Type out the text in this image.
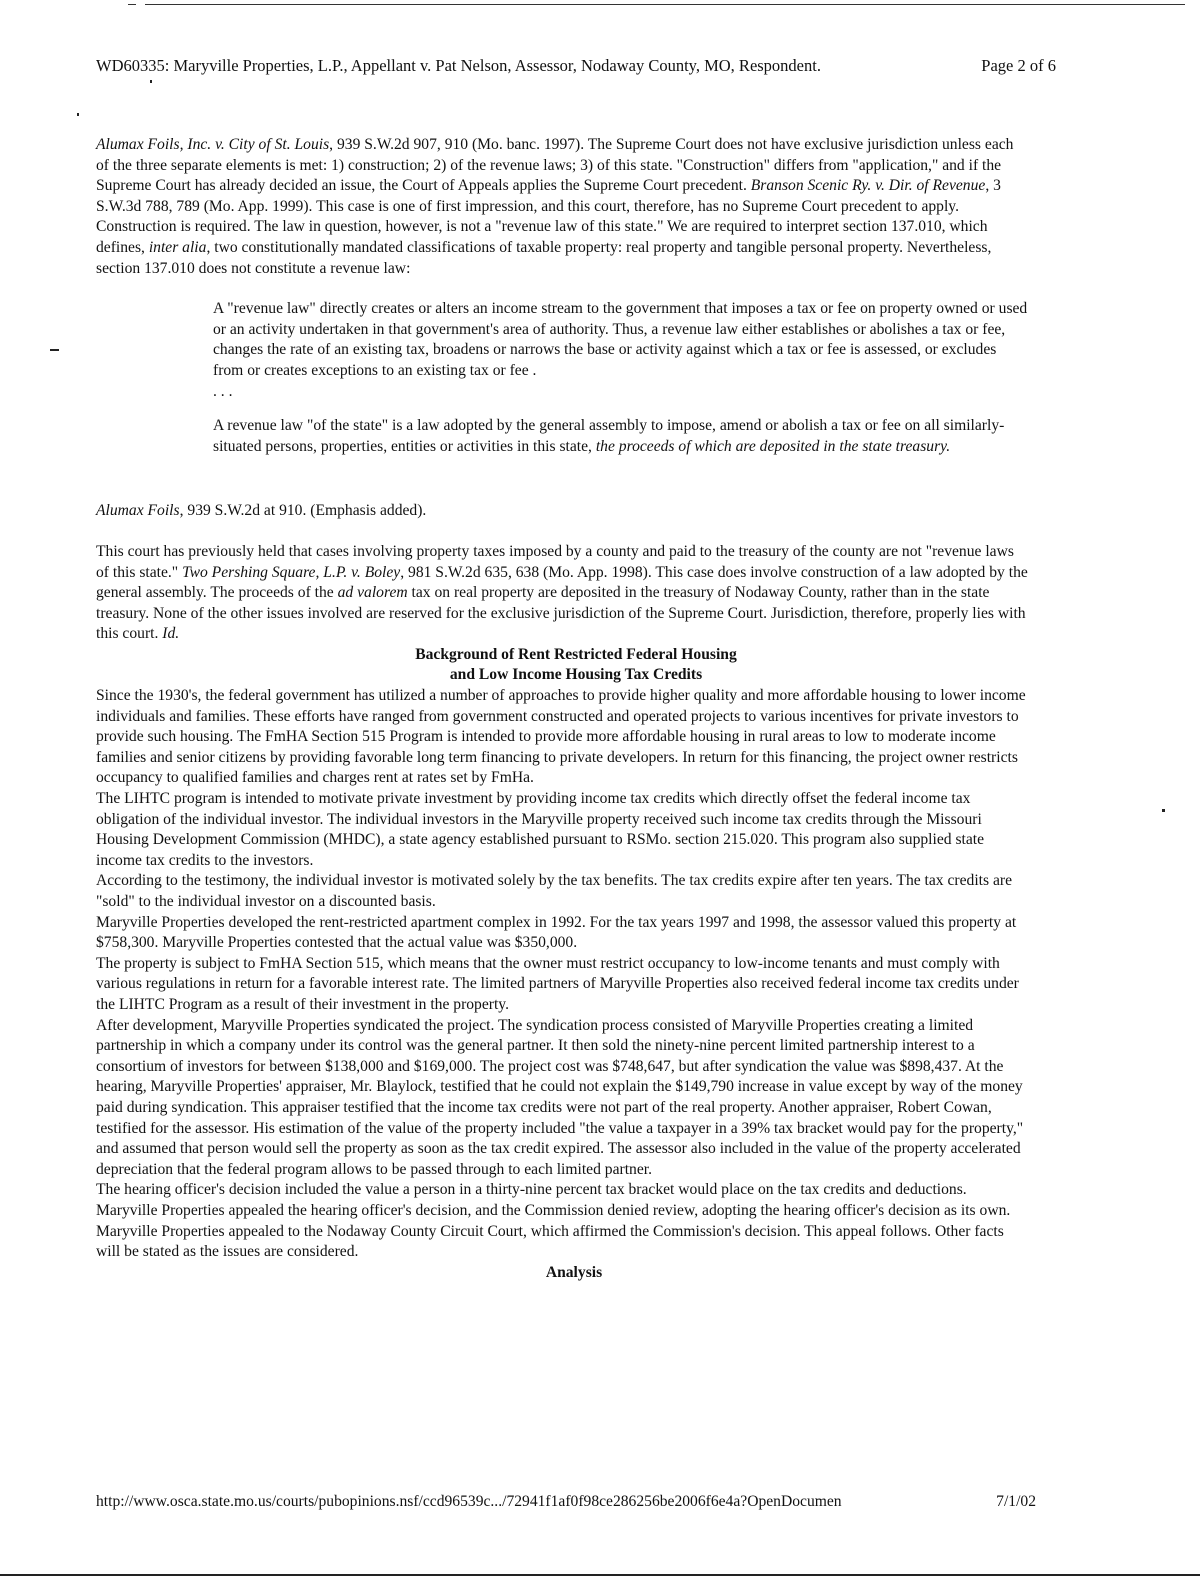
WD60335: Maryville Properties, L.P., Appellant v. Pat Nelson, Assessor, Nodaway County, MO, Respondent.	Page 2 of 6

Alumax Foils, Inc. v. City of St. Louis, 939 S.W.2d 907, 910 (Mo. banc. 1997). The Supreme Court does not have exclusive jurisdiction unless each of the three separate elements is met: 1) construction; 2) of the revenue laws; 3) of this state. "Construction" differs from "application," and if the Supreme Court has already decided an issue, the Court of Appeals applies the Supreme Court precedent. Branson Scenic Ry. v. Dir. of Revenue, 3 S.W.3d 788, 789 (Mo. App. 1999). This case is one of first impression, and this court, therefore, has no Supreme Court precedent to apply. Construction is required. The law in question, however, is not a "revenue law of this state." We are required to interpret section 137.010, which defines, inter alia, two constitutionally mandated classifications of taxable property: real property and tangible personal property. Nevertheless, section 137.010 does not constitute a revenue law:

A "revenue law" directly creates or alters an income stream to the government that imposes a tax or fee on property owned or used or an activity undertaken in that government's area of authority. Thus, a revenue law either establishes or abolishes a tax or fee, changes the rate of an existing tax, broadens or narrows the base or activity against which a tax or fee is assessed, or excludes from or creates exceptions to an existing tax or fee .
. . .

A revenue law "of the state" is a law adopted by the general assembly to impose, amend or abolish a tax or fee on all similarly-situated persons, properties, entities or activities in this state, the proceeds of which are deposited in the state treasury.

Alumax Foils, 939 S.W.2d at 910. (Emphasis added).

This court has previously held that cases involving property taxes imposed by a county and paid to the treasury of the county are not "revenue laws of this state." Two Pershing Square, L.P. v. Boley, 981 S.W.2d 635, 638 (Mo. App. 1998). This case does involve construction of a law adopted by the general assembly. The proceeds of the ad valorem tax on real property are deposited in the treasury of Nodaway County, rather than in the state treasury. None of the other issues involved are reserved for the exclusive jurisdiction of the Supreme Court. Jurisdiction, therefore, properly lies with this court. Id.

Background of Rent Restricted Federal Housing

and Low Income Housing Tax Credits

Since the 1930's, the federal government has utilized a number of approaches to provide higher quality and more affordable housing to lower income individuals and families. These efforts have ranged from government constructed and operated projects to various incentives for private investors to provide such housing. The FmHA Section 515 Program is intended to provide more affordable housing in rural areas to low to moderate income families and senior citizens by providing favorable long term financing to private developers. In return for this financing, the project owner restricts occupancy to qualified families and charges rent at rates set by FmHa.

The LIHTC program is intended to motivate private investment by providing income tax credits which directly offset the federal income tax obligation of the individual investor. The individual investors in the Maryville property received such income tax credits through the Missouri Housing Development Commission (MHDC), a state agency established pursuant to RSMo. section 215.020. This program also supplied state income tax credits to the investors.

According to the testimony, the individual investor is motivated solely by the tax benefits. The tax credits expire after ten years. The tax credits are "sold" to the individual investor on a discounted basis.

Maryville Properties developed the rent-restricted apartment complex in 1992. For the tax years 1997 and 1998, the assessor valued this property at $758,300. Maryville Properties contested that the actual value was $350,000.

The property is subject to FmHA Section 515, which means that the owner must restrict occupancy to low-income tenants and must comply with various regulations in return for a favorable interest rate. The limited partners of Maryville Properties also received federal income tax credits under the LIHTC Program as a result of their investment in the property.

After development, Maryville Properties syndicated the project. The syndication process consisted of Maryville Properties creating a limited partnership in which a company under its control was the general partner. It then sold the ninety-nine percent limited partnership interest to a consortium of investors for between $138,000 and $169,000. The project cost was $748,647, but after syndication the value was $898,437. At the hearing, Maryville Properties' appraiser, Mr. Blaylock, testified that he could not explain the $149,790 increase in value except by way of the money paid during syndication. This appraiser testified that the income tax credits were not part of the real property. Another appraiser, Robert Cowan, testified for the assessor. His estimation of the value of the property included "the value a taxpayer in a 39% tax bracket would pay for the property," and assumed that person would sell the property as soon as the tax credit expired. The assessor also included in the value of the property accelerated depreciation that the federal program allows to be passed through to each limited partner.

The hearing officer's decision included the value a person in a thirty-nine percent tax bracket would place on the tax credits and deductions. Maryville Properties appealed the hearing officer's decision, and the Commission denied review, adopting the hearing officer's decision as its own. Maryville Properties appealed to the Nodaway County Circuit Court, which affirmed the Commission's decision. This appeal follows. Other facts will be stated as the issues are considered.

Analysis

http://www.osca.state.mo.us/courts/pubopinions.nsf/ccd96539c.../72941f1af0f98ce286256be2006f6e4a?OpenDocumen	7/1/02
